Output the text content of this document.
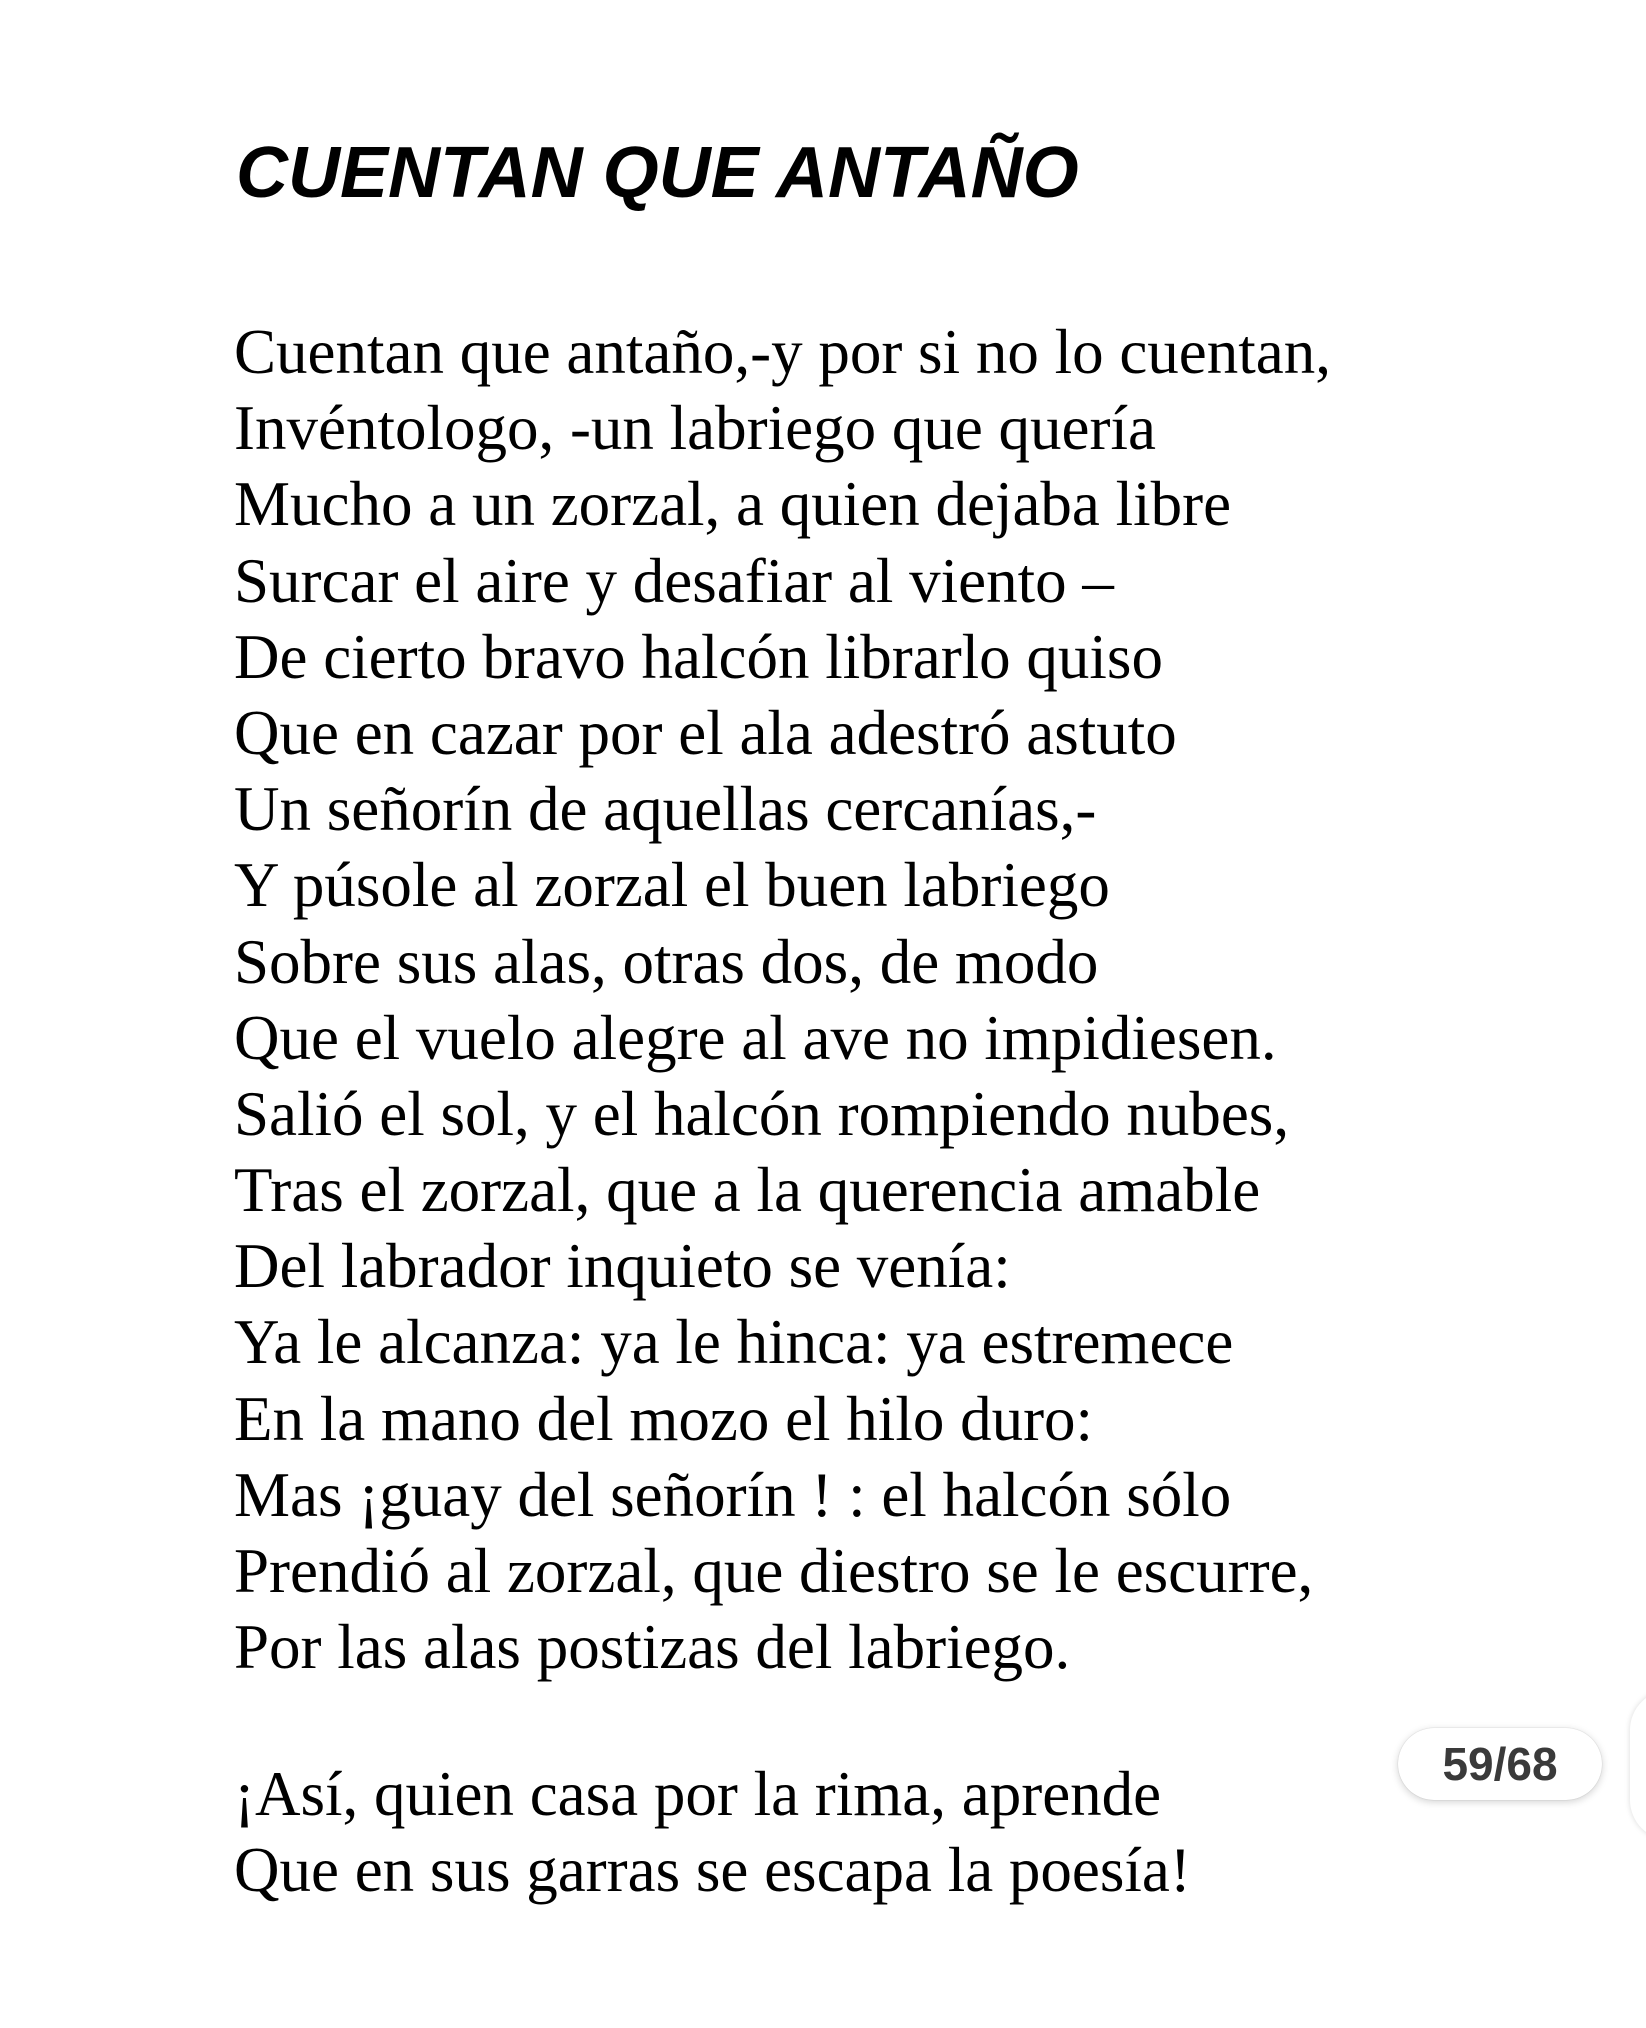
CUENTAN QUE ANTAÑO
Cuentan que antaño,-y por si no lo cuentan,
Invéntologo, -un labriego que quería
Mucho a un zorzal, a quien dejaba libre
Surcar el aire y desafiar al viento –
De cierto bravo halcón librarlo quiso
Que en cazar por el ala adestró astuto
Un señorín de aquellas cercanías,-
Y púsole al zorzal el buen labriego
Sobre sus alas, otras dos, de modo
Que el vuelo alegre al ave no impidiesen.
Salió el sol, y el halcón rompiendo nubes,
Tras el zorzal, que a la querencia amable
Del labrador inquieto se venía:
Ya le alcanza: ya le hinca: ya estremece
En la mano del mozo el hilo duro:
Mas ¡guay del señorín ! : el halcón sólo
Prendió al zorzal, que diestro se le escurre,
Por las alas postizas del labriego.
¡Así, quien casa por la rima, aprende
Que en sus garras se escapa la poesía!
59/68
